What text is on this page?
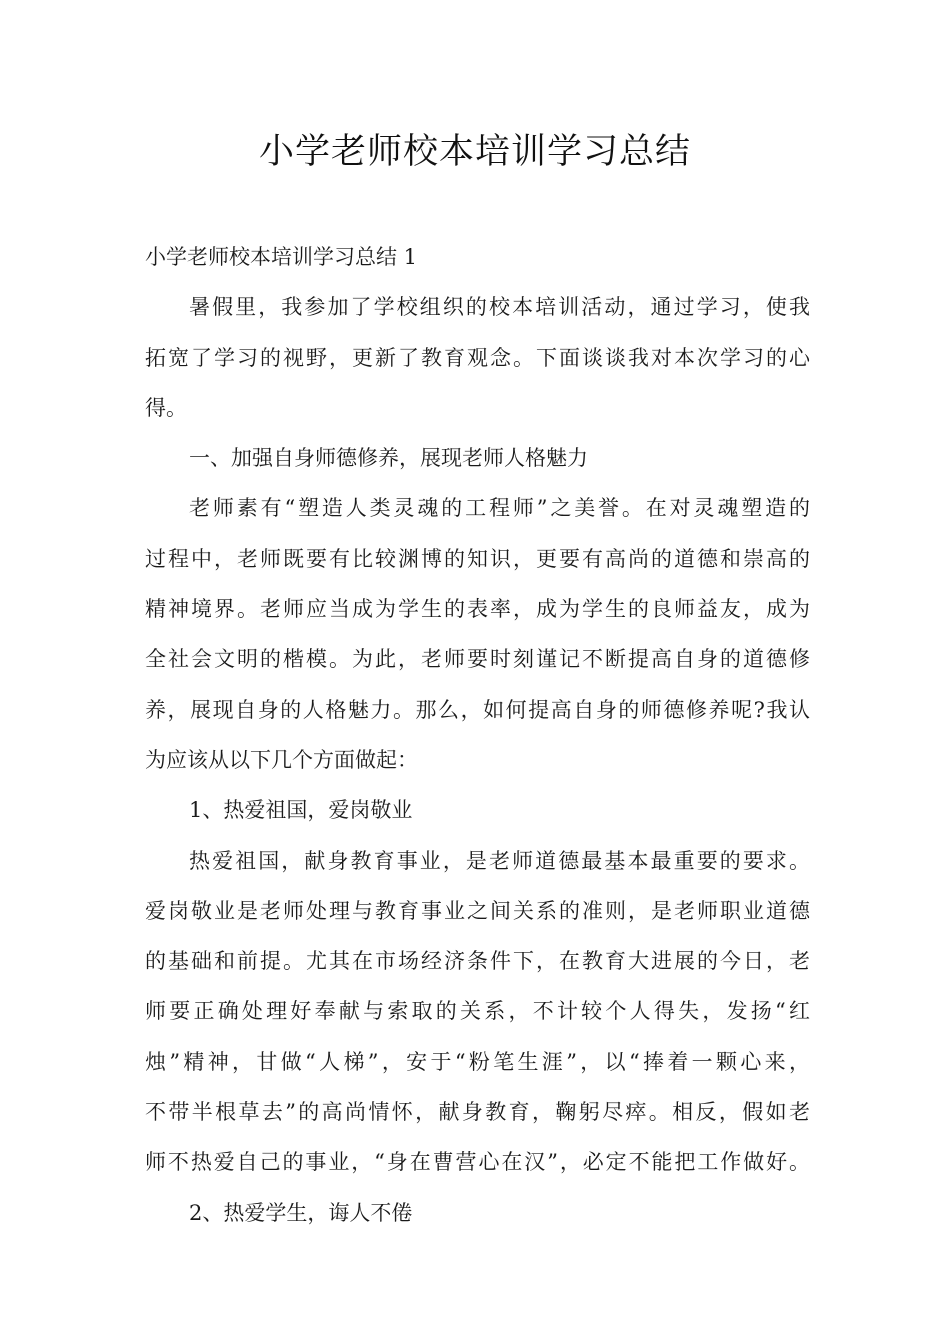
小学老师校本培训学习总结
小学老师校本培训学习总结 1
暑假里，我参加了学校组织的校本培训活动，通过学习，使我
拓宽了学习的视野，更新了教育观念。下面谈谈我对本次学习的心
得。
一、加强自身师德修养，展现老师人格魅力
老师素有“塑造人类灵魂的工程师”之美誉。在对灵魂塑造的
过程中，老师既要有比较渊博的知识，更要有高尚的道德和崇高的
精神境界。老师应当成为学生的表率，成为学生的良师益友，成为
全社会文明的楷模。为此，老师要时刻谨记不断提高自身的道德修
养，展现自身的人格魅力。那么，如何提高自身的师德修养呢?我认
为应该从以下几个方面做起：
1、热爱祖国，爱岗敬业
热爱祖国，献身教育事业，是老师道德最基本最重要的要求。
爱岗敬业是老师处理与教育事业之间关系的准则，是老师职业道德
的基础和前提。尤其在市场经济条件下，在教育大进展的今日，老
师要正确处理好奉献与索取的关系，不计较个人得失，发扬“红
烛”精神，甘做“人梯”，安于“粉笔生涯”，以“捧着一颗心来，
不带半根草去”的高尚情怀，献身教育，鞠躬尽瘁。相反，假如老
师不热爱自己的事业，“身在曹营心在汉”，必定不能把工作做好。
2、热爱学生，诲人不倦
